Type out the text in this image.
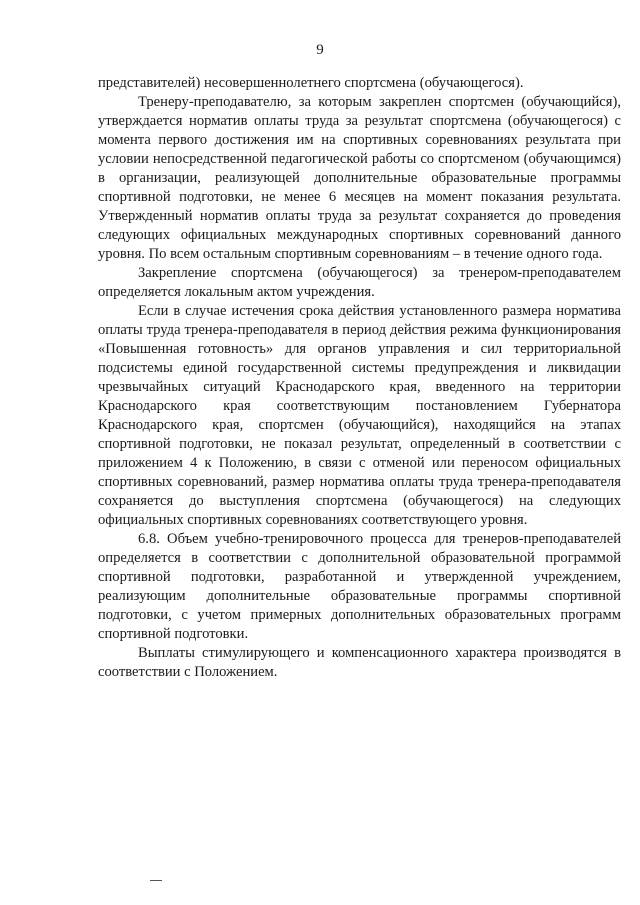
9

представителей) несовершеннолетнего спортсмена (обучающегося).

Тренеру-преподавателю, за которым закреплен спортсмен (обучающийся), утверждается норматив оплаты труда за результат спортсмена (обучающегося) с момента первого достижения им на спортивных соревнованиях результата при условии непосредственной педагогической работы со спортсменом (обучающимся) в организации, реализующей дополнительные образовательные программы спортивной подготовки, не менее 6 месяцев на момент показания результата. Утвержденный норматив оплаты труда за результат сохраняется до проведения следующих официальных международных спортивных соревнований данного уровня. По всем остальным спортивным соревнованиям – в течение одного года.

Закрепление спортсмена (обучающегося) за тренером-преподавателем определяется локальным актом учреждения.

Если в случае истечения срока действия установленного размера норматива оплаты труда тренера-преподавателя в период действия режима функционирования «Повышенная готовность» для органов управления и сил территориальной подсистемы единой государственной системы предупреждения и ликвидации чрезвычайных ситуаций Краснодарского края, введенного на территории Краснодарского края соответствующим постановлением Губернатора Краснодарского края, спортсмен (обучающийся), находящийся на этапах спортивной подготовки, не показал результат, определенный в соответствии с приложением 4 к Положению, в связи с отменой или переносом официальных спортивных соревнований, размер норматива оплаты труда тренера-преподавателя сохраняется до выступления спортсмена (обучающегося) на следующих официальных спортивных соревнованиях соответствующего уровня.

6.8. Объем учебно-тренировочного процесса для тренеров-преподавателей определяется в соответствии с дополнительной образовательной программой спортивной подготовки, разработанной и утвержденной учреждением, реализующим дополнительные образовательные программы спортивной подготовки, с учетом примерных дополнительных образовательных программ спортивной подготовки.

Выплаты стимулирующего и компенсационного характера производятся в соответствии с Положением.
